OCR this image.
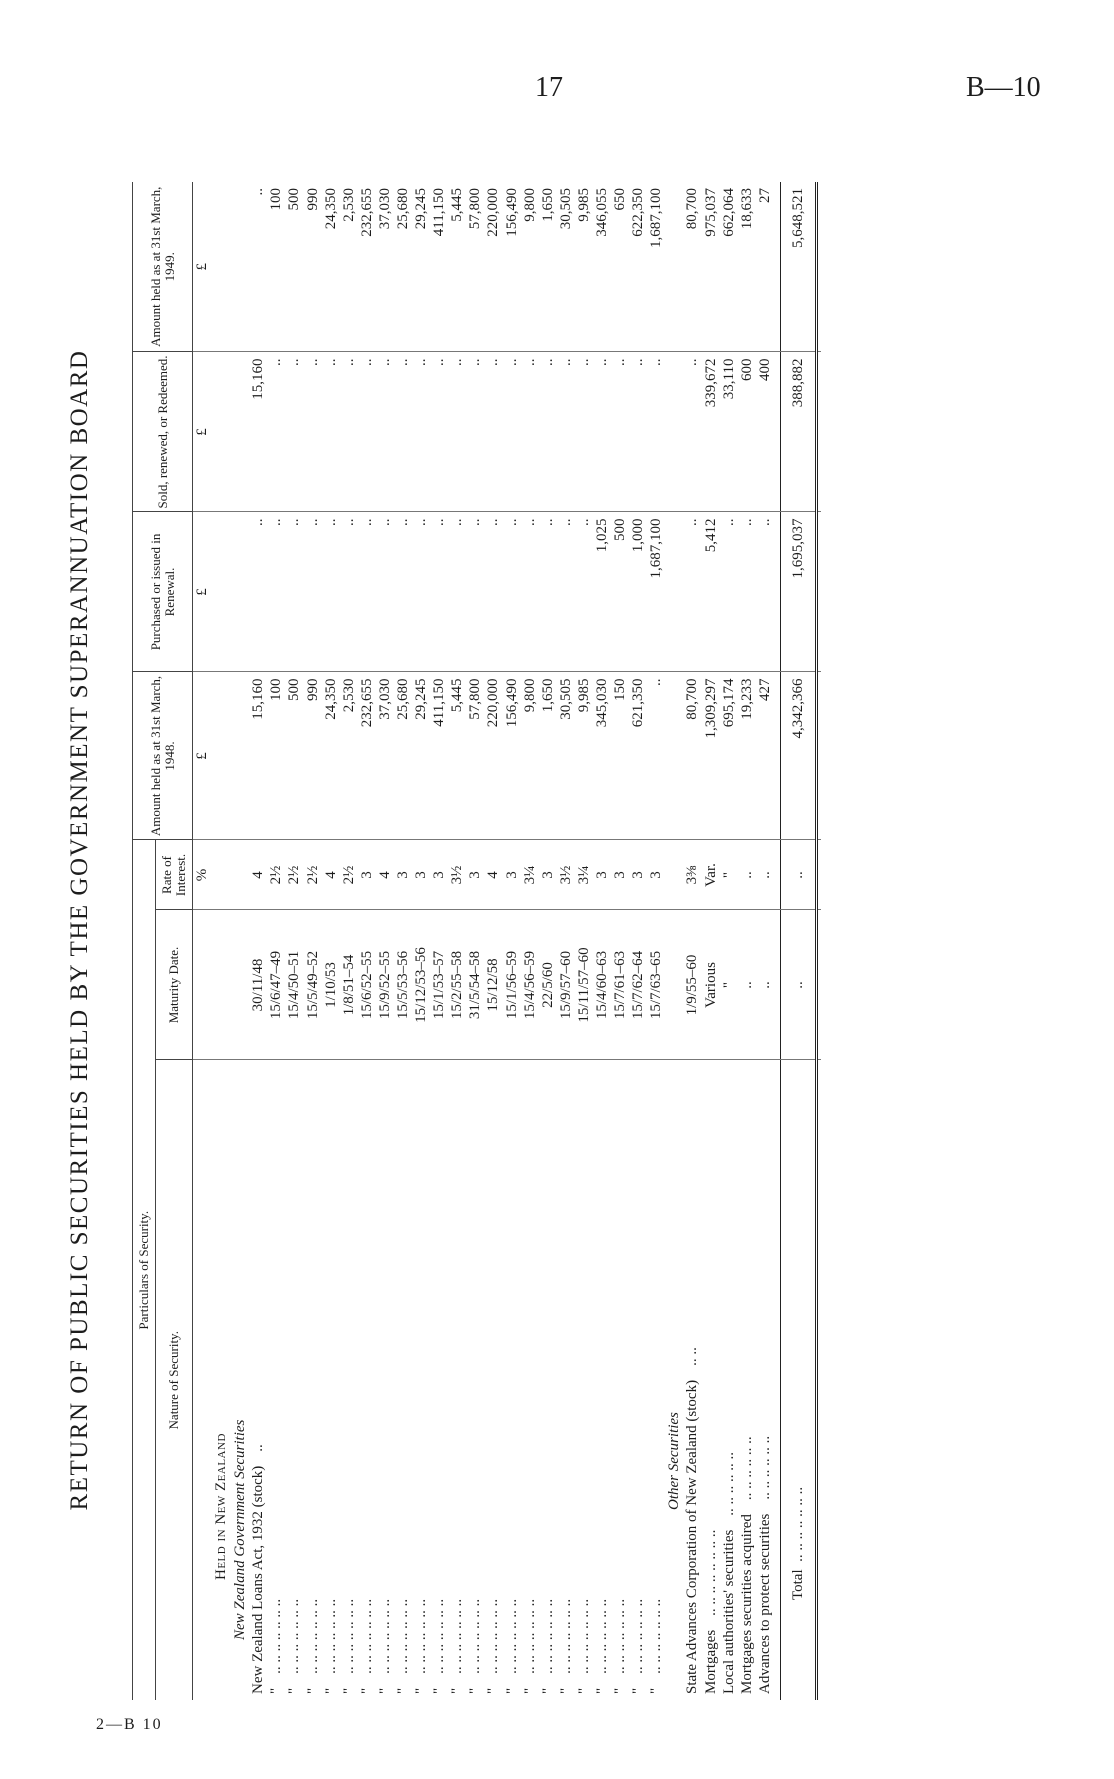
17	B—10
RETURN OF PUBLIC SECURITIES HELD BY THE GOVERNMENT SUPERANNUATION BOARD	Particulars of Security.			Amount held as at 31st March, 1948.	Purchased or issued in Renewal.	Sold, renewed, or Redeemed.	Amount held as at 31st March, 1949.
Nature of Security.	Maturity Date.	Rate of Interest.				
		%	£	£	£	£
Held in New Zealand						
New Zealand Government Securities						
New Zealand Loans Act, 1932 (stock)..	30/11/48	4	15,160	..	15,160	..
".. .. .. .. .. .. ..	15/6/47–49	2½	100	..	..	100
".. .. .. .. .. .. ..	15/4/50–51	2½	500	..	..	500
".. .. .. .. .. .. ..	15/5/49–52	2½	990	..	..	990
".. .. .. .. .. .. ..	1/10/53	4	24,350	..	..	24,350
".. .. .. .. .. .. ..	1/8/51–54	2½	2,530	..	..	2,530
".. .. .. .. .. .. ..	15/6/52–55	3	232,655	..	..	232,655
".. .. .. .. .. .. ..	15/9/52–55	4	37,030	..	..	37,030
".. .. .. .. .. .. ..	15/5/53–56	3	25,680	..	..	25,680
".. .. .. .. .. .. ..	15/12/53–56	3	29,245	..	..	29,245
".. .. .. .. .. .. ..	15/1/53–57	3	411,150	..	..	411,150
".. .. .. .. .. .. ..	15/2/55–58	3½	5,445	..	..	5,445
".. .. .. .. .. .. ..	31/5/54–58	3	57,800	..	..	57,800
".. .. .. .. .. .. ..	15/12/58	4	220,000	..	..	220,000
".. .. .. .. .. .. ..	15/1/56–59	3	156,490	..	..	156,490
".. .. .. .. .. .. ..	15/4/56–59	3¼	9,800	..	..	9,800
".. .. .. .. .. .. ..	22/5/60	3	1,650	..	..	1,650
".. .. .. .. .. .. ..	15/9/57–60	3½	30,505	..	..	30,505
".. .. .. .. .. .. ..	15/11/57–60	3¼	9,985	..	..	9,985
".. .. .. .. .. .. ..	15/4/60–63	3	345,030	1,025	..	346,055
".. .. .. .. .. .. ..	15/7/61–63	3	150	500	..	650
".. .. .. .. .. .. ..	15/7/62–64	3	621,350	1,000	..	622,350
".. .. .. .. .. .. ..	15/7/63–65	3	..	1,687,100	..	1,687,100
Other Securities						
State Advances Corporation of New Zealand (stock).. ..	1/9/55–60	3⅜	80,700	..	..	80,700
Mortgages.. .. .. .. .. .. .. ..	Various	Var.	1,309,297	5,412	339,672	975,037
Local authorities' securities.. .. .. .. .. ..	"	"	695,174	..	33,110	662,064
Mortgages securities acquired.. .. .. .. .. ..	..	..	19,233	..	600	18,633
Advances to protect securities.. .. .. .. .. ..	..	..	427	..	400	27

Total  .. .. .. .. .. .. ..	..	..	4,342,366	1,695,037	388,882	5,648,521

2—B 10
